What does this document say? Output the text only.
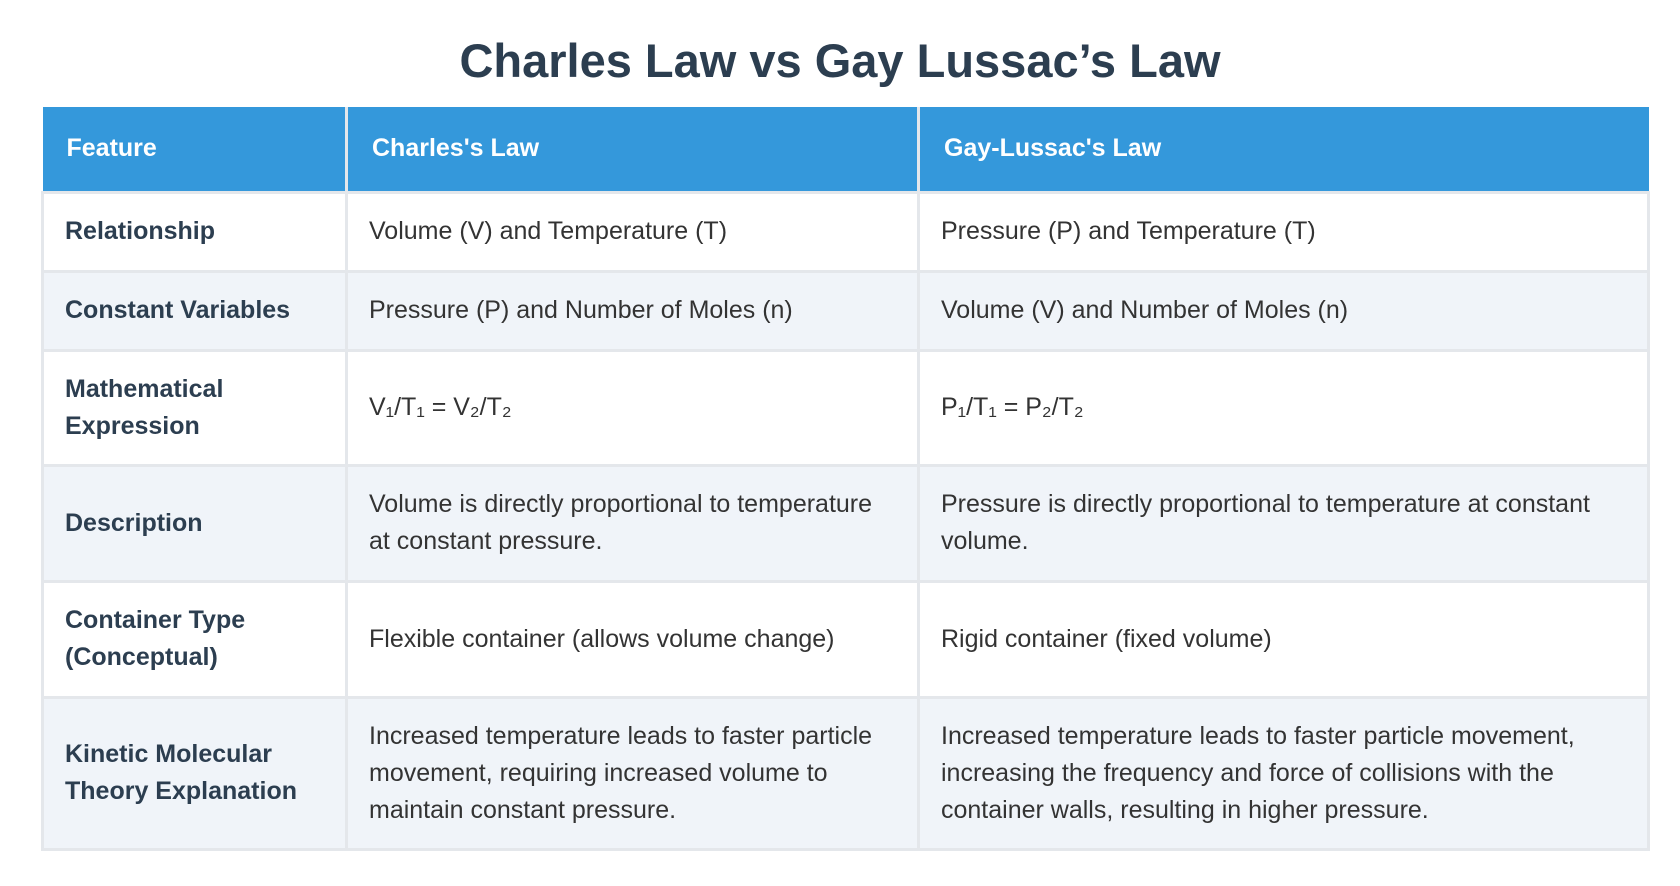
Charles Law vs Gay Lussac’s Law
Feature	Charles's Law	Gay-Lussac's Law
Relationship	Volume (V) and Temperature (T)	Pressure (P) and Temperature (T)
Constant Variables	Pressure (P) and Number of Moles (n)	Volume (V) and Number of Moles (n)
Mathematical Expression	V₁/T₁ = V₂/T₂	P₁/T₁ = P₂/T₂
Description	Volume is directly proportional to temperature at constant pressure.	Pressure is directly proportional to temperature at constant volume.
Container Type (Conceptual)	Flexible container (allows volume change)	Rigid container (fixed volume)
Kinetic Molecular Theory Explanation	Increased temperature leads to faster particle movement, requiring increased volume to maintain constant pressure.	Increased temperature leads to faster particle movement, increasing the frequency and force of collisions with the container walls, resulting in higher pressure.
